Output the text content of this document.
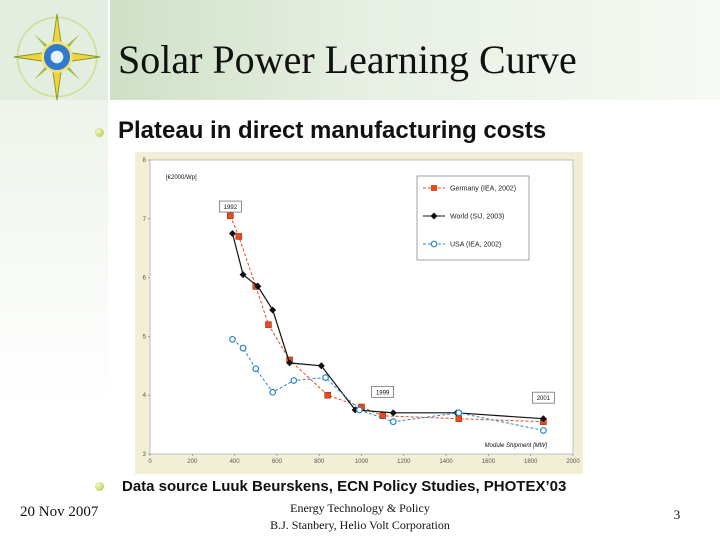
Solar Power Learning Curve
Plateau in direct manufacturing costs
3
4
5
6
7
8
0	200	400	600	800	1000	1200	1400	1600	1800	2000
[€2000/Wp]
Module Shipment [MW]
1992
1999
2001
Germany (IEA, 2002)
World (SIJ, 2003)
USA (IEA, 2002)
Data source Luuk Beurskens, ECN Policy Studies, PHOTEX’03
20 Nov 2007	Energy Technology & Policy
B.J. Stanbery, Helio Volt Corporation
3
